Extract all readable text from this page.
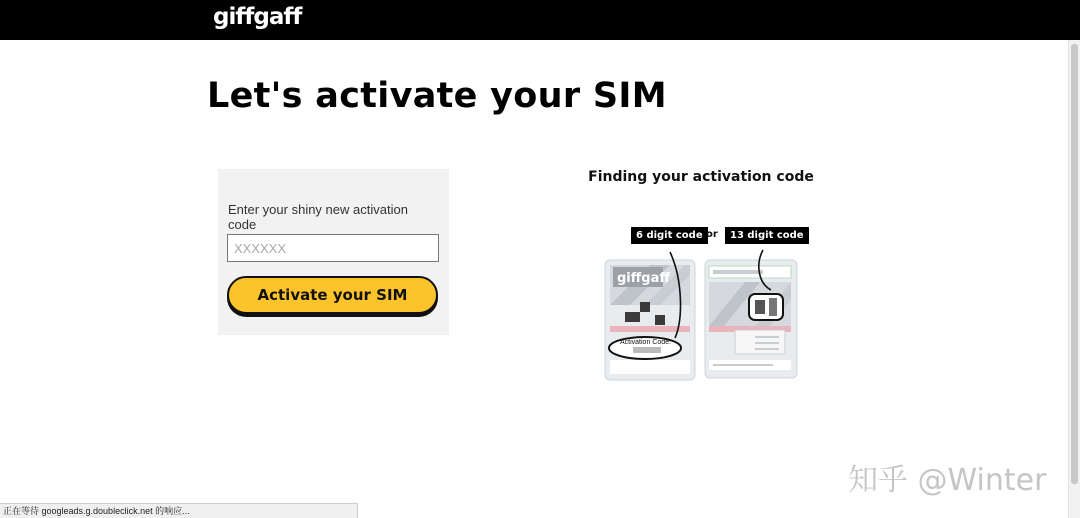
giffgaff
Let's activate your SIM
Enter your shiny new activation code
XXXXXX
Activate your SIM
Finding your activation code
6 digit code or	13 digit code
giffgaff
Activation Code:
正在等待 googleads.g.doubleclick.net 的响应...
知乎 @Winter
